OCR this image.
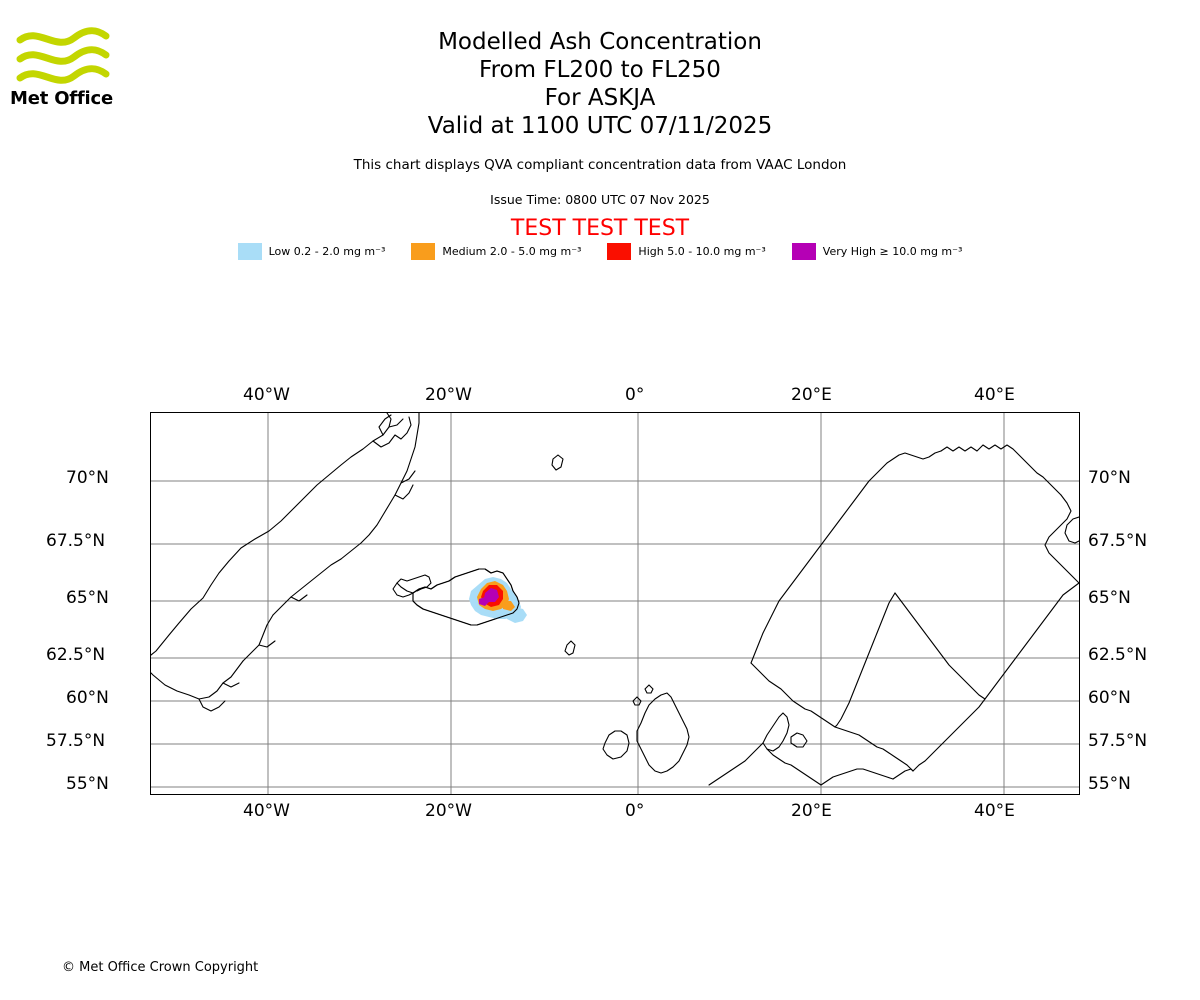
Met Office
Modelled Ash Concentration
From FL200 to FL250
For ASKJA
Valid at 1100 UTC 07/11/2025
This chart displays QVA compliant concentration data from VAAC London
Issue Time: 0800 UTC 07 Nov 2025
TEST TEST TEST
Low 0.2 - 2.0 mg m⁻³	Medium 2.0 - 5.0 mg m⁻³	High 5.0 - 10.0 mg m⁻³	Very High ≥ 10.0 mg m⁻³
40°W	20°W	0°	20°E	40°E
40°W	20°W	0°	20°E	40°E
70°N
67.5°N
65°N
62.5°N
60°N
57.5°N
55°N
70°N
67.5°N
65°N
62.5°N
60°N
57.5°N
55°N
© Met Office Crown Copyright
